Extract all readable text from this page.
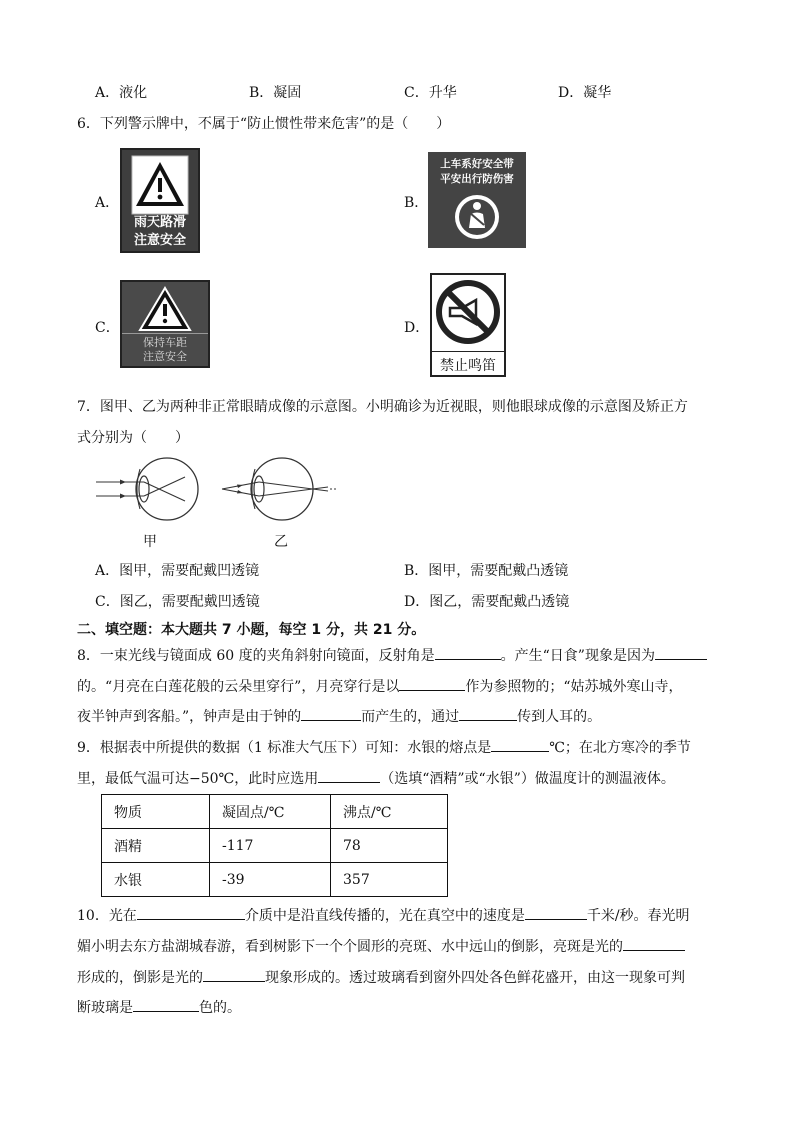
A．液化	B．凝固	C．升华	D．凝华
6．下列警示牌中，不属于“防止惯性带来危害”的是（　　）
A．
雨天路滑
注意安全
B．
上车系好安全带
平安出行防伤害
C．
保持车距
注意安全
D．
禁止鸣笛
7．图甲、乙为两种非正常眼睛成像的示意图。小明确诊为近视眼，则他眼球成像的示意图及矫正方
式分别为（　　）
甲	乙
A．图甲，需要配戴凹透镜	B．图甲，需要配戴凸透镜
C．图乙，需要配戴凹透镜	D．图乙，需要配戴凸透镜
二、填空题：本大题共 7 小题，每空 1 分，共 21 分。
8．一束光线与镜面成 60 度的夹角斜射向镜面，反射角是	。产生“日食”现象是因为
的。“月亮在白莲花般的云朵里穿行”，月亮穿行是以	作为参照物的；“姑苏城外寒山寺，
夜半钟声到客船。”，钟声是由于钟的	而产生的，通过	传到人耳的。
9．根据表中所提供的数据（1 标准大气压下）可知：水银的熔点是	℃；在北方寒冷的季节
里，最低气温可达−50℃，此时应选用	（选填“酒精”或“水银”）做温度计的测温液体。
物质	凝固点/℃	沸点/℃
酒精	-117	78
水银	-39	357
10．光在	介质中是沿直线传播的，光在真空中的速度是	千米/秒。春光明
媚小明去东方盐湖城春游，看到树影下一个个圆形的亮斑、水中远山的倒影，亮斑是光的
形成的，倒影是光的	现象形成的。透过玻璃看到窗外四处各色鲜花盛开，由这一现象可判
断玻璃是	色的。
